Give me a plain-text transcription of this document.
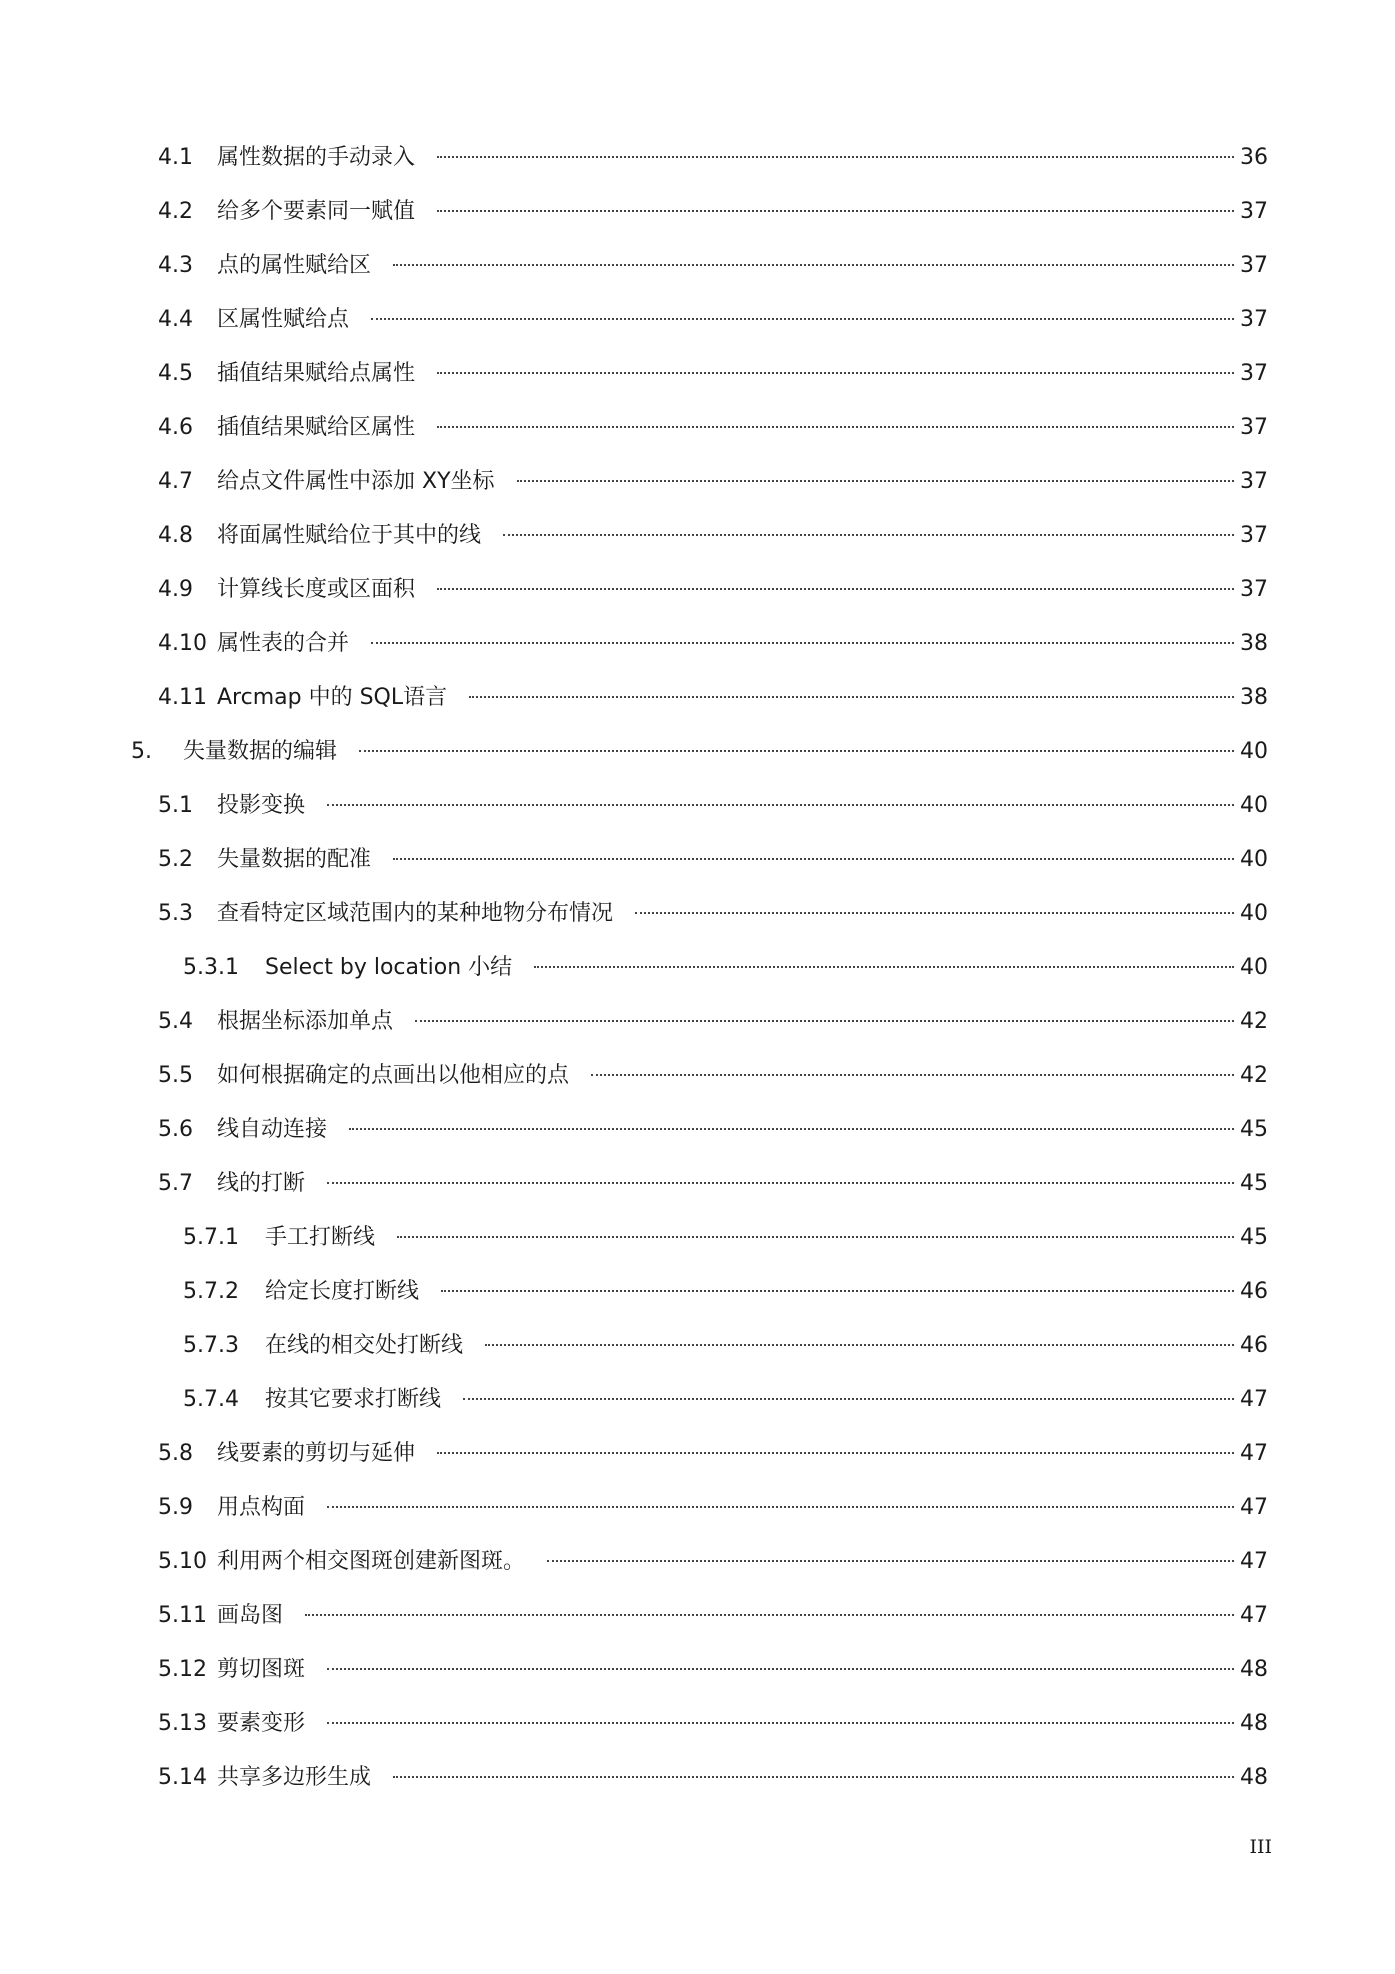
4.1	属性数据的手动录入	36
4.2	给多个要素同一赋值	37
4.3	点的属性赋给区	37
4.4	区属性赋给点	37
4.5	插值结果赋给点属性	37
4.6	插值结果赋给区属性	37
4.7	给点文件属性中添加 XY坐标	37
4.8	将面属性赋给位于其中的线	37
4.9	计算线长度或区面积	37
4.10 属性表的合并	38
4.11 Arcmap 中的 SQL语言	38
5.	失量数据的编辑	40
5.1	投影变换	40
5.2	失量数据的配准	40
5.3	查看特定区域范围内的某种地物分布情况	40
5.3.1	Select by location 小结	40
5.4	根据坐标添加单点	42
5.5	如何根据确定的点画出以他相应的点	42
5.6	线自动连接	45
5.7	线的打断	45
5.7.1	手工打断线	45
5.7.2	给定长度打断线	46
5.7.3	在线的相交处打断线	46
5.7.4	按其它要求打断线	47
5.8	线要素的剪切与延伸	47
5.9	用点构面	47
5.10 利用两个相交图斑创建新图斑。	47
5.11 画岛图	47
5.12 剪切图斑	48
5.13 要素变形	48
5.14 共享多边形生成	48
III
